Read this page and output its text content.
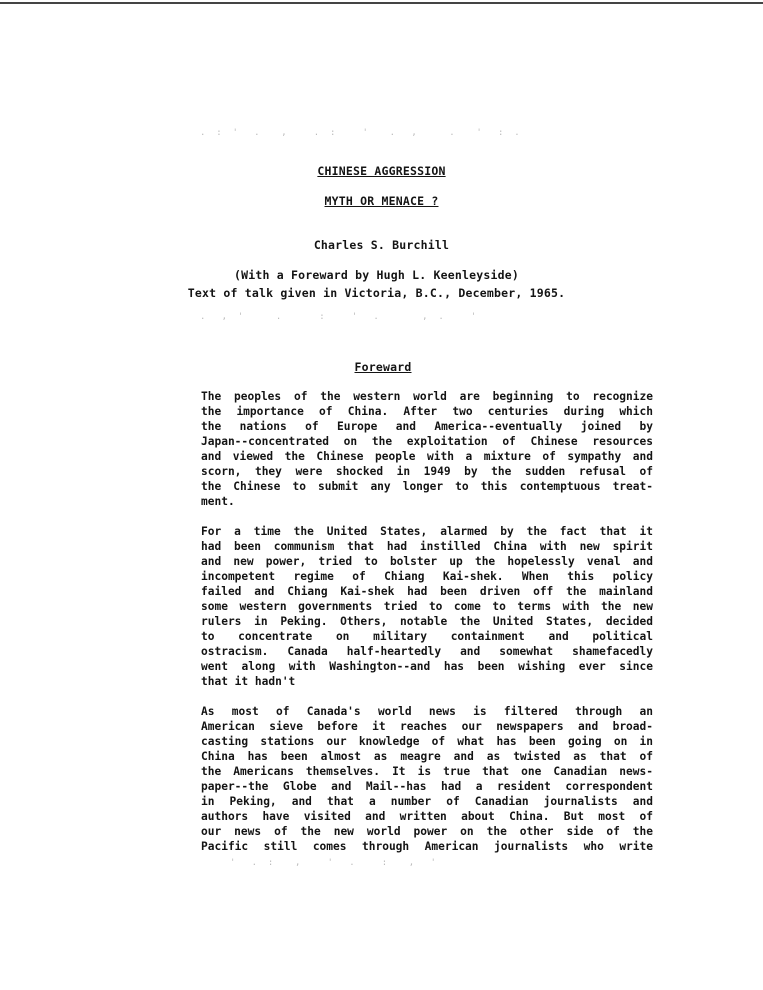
.  :  '   .    ,     .  :     '    .   ,      .    '   :  .
.   ,  '      .       :     '   .        ,  .     '
'   .  :    ,     '   .     :    ,   '
CHINESE AGGRESSION
MYTH OR MENACE ?
Charles S. Burchill
(With a Foreward by Hugh L. Keenleyside)
Text of talk given in Victoria, B.C., December, 1965.
Foreward
The peoples of the western world are beginning to recognize
the importance of China. After two centuries during which
the nations of Europe and America--eventually joined by
Japan--concentrated on the exploitation of Chinese resources
and viewed the Chinese people with a mixture of sympathy and
scorn, they were shocked in 1949 by the sudden refusal of
the Chinese to submit any longer to this contemptuous treat-
ment.
For a time the United States, alarmed by the fact that it
had been communism that had instilled China with new spirit
and new power, tried to bolster up the hopelessly venal and
incompetent regime of Chiang Kai-shek. When this policy
failed and Chiang Kai-shek had been driven off the mainland
some western governments tried to come to terms with the new
rulers in Peking. Others, notable the United States, decided
to concentrate on military containment and political
ostracism. Canada half-heartedly and somewhat shamefacedly
went along with Washington--and has been wishing ever since
that it hadn't
As most of Canada's world news is filtered through an
American sieve before it reaches our newspapers and broad-
casting stations our knowledge of what has been going on in
China has been almost as meagre and as twisted as that of
the Americans themselves. It is true that one Canadian news-
paper--the Globe and Mail--has had a resident correspondent
in Peking, and that a number of Canadian journalists and
authors have visited and written about China. But most of
our news of the new world power on the other side of the
Pacific still comes through American journalists who write
